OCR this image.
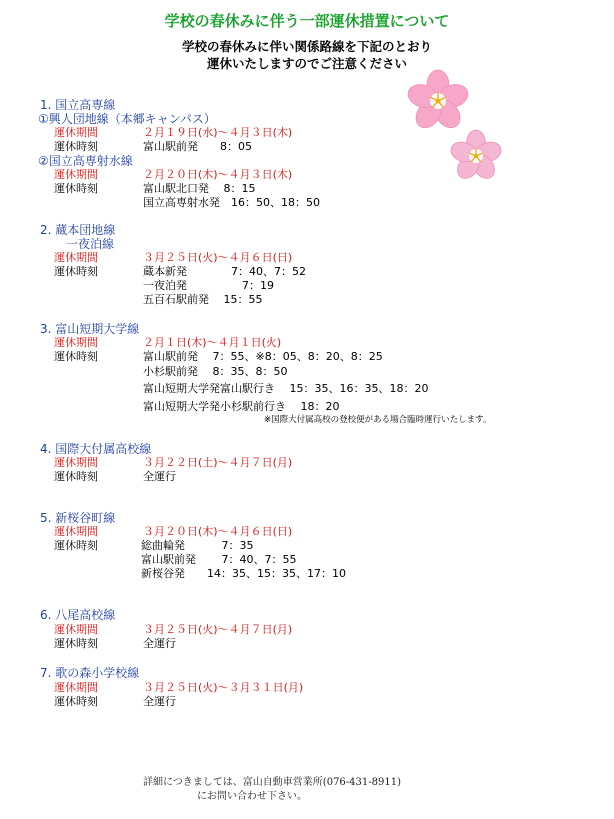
学校の春休みに伴う一部運休措置について
学校の春休みに伴い関係路線を下記のとおり
運休いたしますのでご注意ください
1. 国立高専線
①興人団地線（本郷キャンパス）
運休期間	２月１９日(水)～４月３日(木)
運休時刻	富山駅前発　　8：05
②国立高専射水線
運休期間	２月２０日(木)～４月３日(木)
運休時刻	富山駅北口発　 8：15
国立高専射水発　16：50、18：50
2. 蔵本団地線
一夜泊線
運休期間	３月２５日(火)～４月６日(日)
運休時刻	蔵本新発　　　　7：40、7：52
一夜泊発　　　　　7：19
五百石駅前発　 15：55
3. 富山短期大学線
運休期間	２月１日(木)～４月１日(火)
運休時刻	富山駅前発　 7：55、※8：05、8：20、8：25
小杉駅前発　 8：35、8：50
富山短期大学発富山駅行き　 15：35、16：35、18：20
富山短期大学発小杉駅前行き　 18：20
※国際大付属高校の登校便がある場合臨時運行いたします。
4. 国際大付属高校線
運休期間	３月２２日(土)～４月７日(月)
運休時刻	全運行
5. 新桜谷町線
運休期間	３月２０日(木)～４月６日(日)
運休時刻	総曲輪発　　　 7：35
富山駅前発　　 7：40、7：55
新桜谷発　　14：35、15：35、17：10
6. 八尾高校線
運休期間	３月２５日(火)～４月７日(月)
運休時刻	全運行
7. 歌の森小学校線
運休期間	３月２５日(火)～３月３１日(月)
運休時刻	全運行
詳細につきましては、富山自動車営業所(076-431-8911)
にお問い合わせ下さい。
